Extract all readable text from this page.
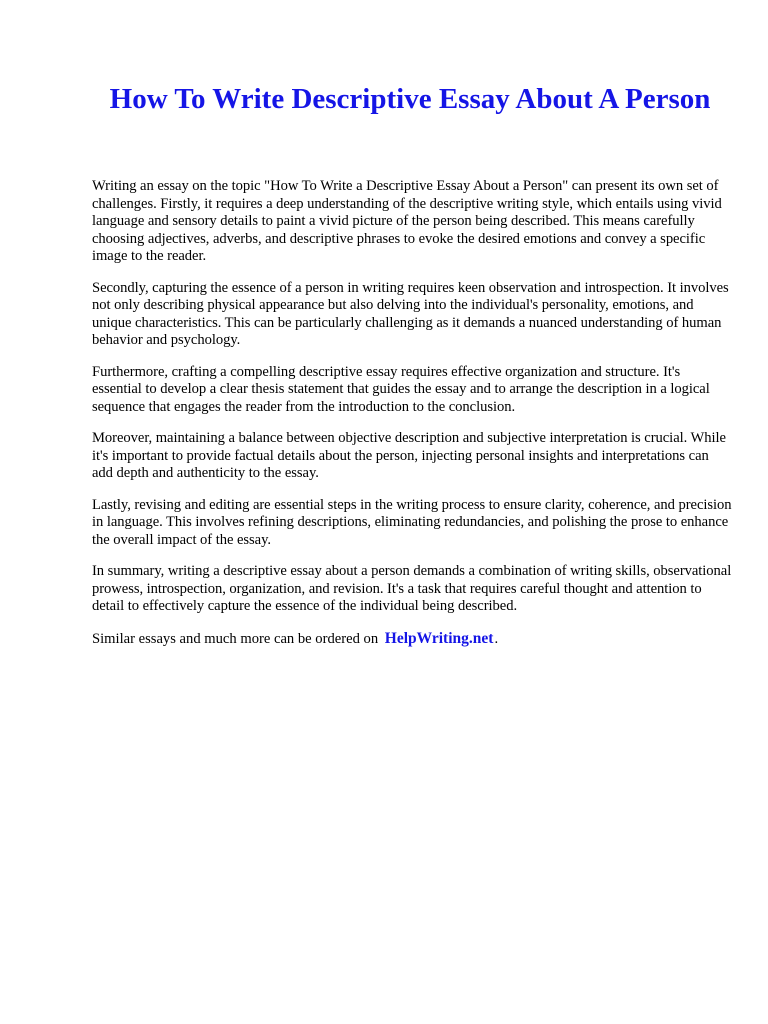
How To Write Descriptive Essay About A Person

Writing an essay on the topic "How To Write a Descriptive Essay About a Person" can present its own set of challenges. Firstly, it requires a deep understanding of the descriptive writing style, which entails using vivid language and sensory details to paint a vivid picture of the person being described. This means carefully choosing adjectives, adverbs, and descriptive phrases to evoke the desired emotions and convey a specific image to the reader.

Secondly, capturing the essence of a person in writing requires keen observation and introspection. It involves not only describing physical appearance but also delving into the individual's personality, emotions, and unique characteristics. This can be particularly challenging as it demands a nuanced understanding of human behavior and psychology.

Furthermore, crafting a compelling descriptive essay requires effective organization and structure. It's essential to develop a clear thesis statement that guides the essay and to arrange the description in a logical sequence that engages the reader from the introduction to the conclusion.

Moreover, maintaining a balance between objective description and subjective interpretation is crucial. While it's important to provide factual details about the person, injecting personal insights and interpretations can add depth and authenticity to the essay.

Lastly, revising and editing are essential steps in the writing process to ensure clarity, coherence, and precision in language. This involves refining descriptions, eliminating redundancies, and polishing the prose to enhance the overall impact of the essay.

In summary, writing a descriptive essay about a person demands a combination of writing skills, observational prowess, introspection, organization, and revision. It's a task that requires careful thought and attention to detail to effectively capture the essence of the individual being described.

Similar essays and much more can be ordered on HelpWriting.net.
